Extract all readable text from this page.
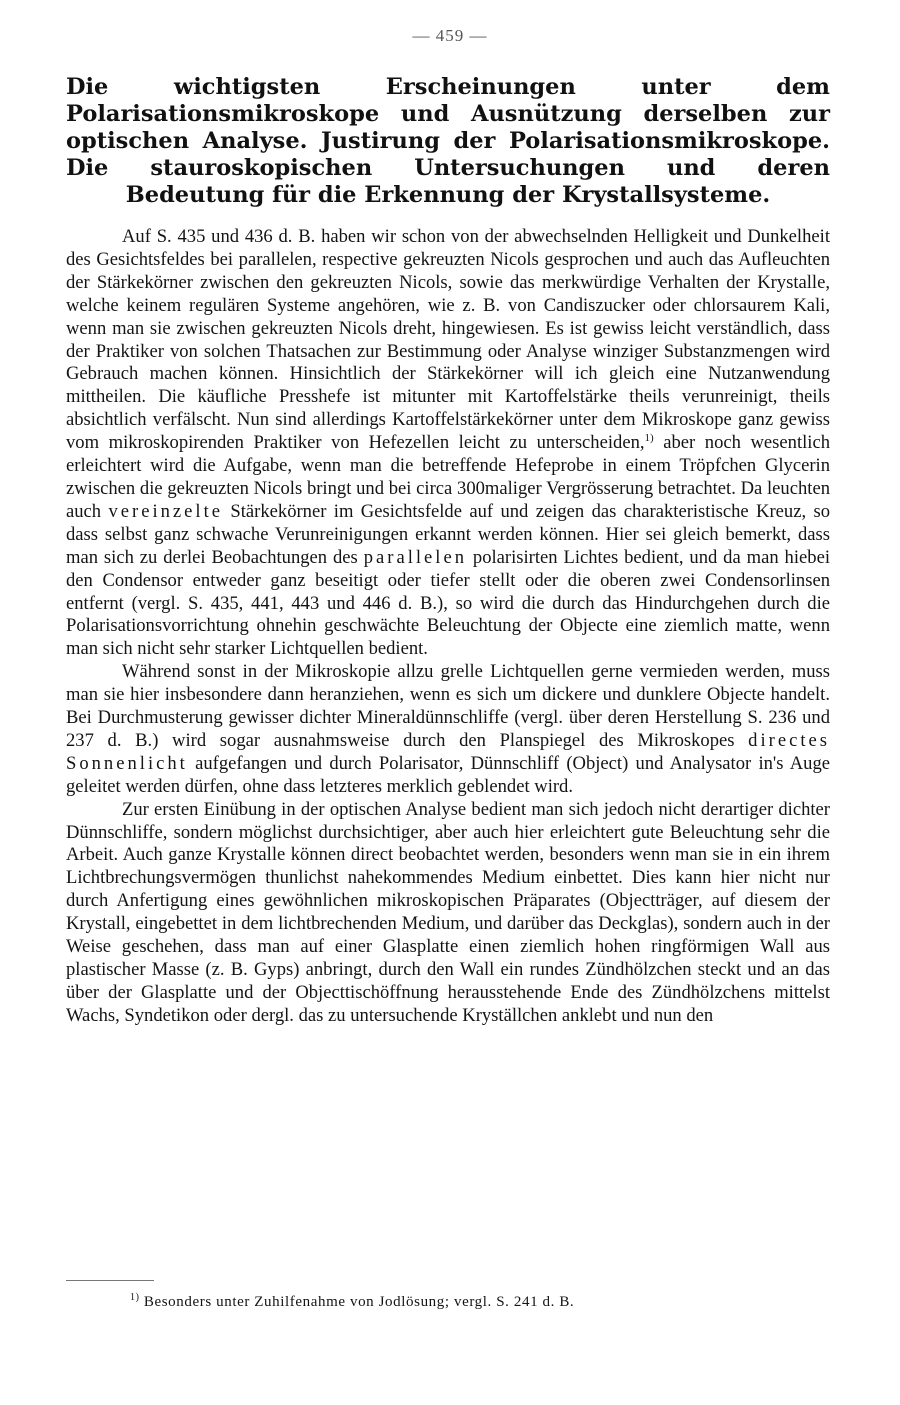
— 459 —
Die wichtigsten Erscheinungen unter dem Polarisationsmikroskope und Ausnützung derselben zur optischen Analyse. Justirung der Polarisationsmikroskope. Die stauroskopischen Untersuchungen und deren Bedeutung für die Erkennung der Krystallsysteme.

Auf S. 435 und 436 d. B. haben wir schon von der abwechselnden Helligkeit und Dunkelheit des Gesichtsfeldes bei parallelen, respective gekreuzten Nicols gesprochen und auch das Aufleuchten der Stärkekörner zwischen den gekreuzten Nicols, sowie das merkwürdige Verhalten der Krystalle, welche keinem regulären Systeme angehören, wie z. B. von Candiszucker oder chlorsaurem Kali, wenn man sie zwischen gekreuzten Nicols dreht, hingewiesen. Es ist gewiss leicht verständlich, dass der Praktiker von solchen Thatsachen zur Bestimmung oder Analyse winziger Substanzmengen wird Gebrauch machen können. Hinsichtlich der Stärkekörner will ich gleich eine Nutzanwendung mittheilen. Die käufliche Presshefe ist mitunter mit Kartoffelstärke theils verunreinigt, theils absichtlich verfälscht. Nun sind allerdings Kartoffelstärkekörner unter dem Mikroskope ganz gewiss vom mikroskopirenden Praktiker von Hefezellen leicht zu unterscheiden,$^{1)}$ aber noch wesentlich erleichtert wird die Aufgabe, wenn man die betreffende Hefeprobe in einem Tröpfchen Glycerin zwischen die gekreuzten Nicols bringt und bei circa 300maliger Vergrösserung betrachtet. Da leuchten auch vereinzelte Stärkekörner im Gesichtsfelde auf und zeigen das charakteristische Kreuz, so dass selbst ganz schwache Verunreinigungen erkannt werden können. Hier sei gleich bemerkt, dass man sich zu derlei Beobachtungen des parallelen polarisirten Lichtes bedient, und da man hiebei den Condensor entweder ganz beseitigt oder tiefer stellt oder die oberen zwei Condensorlinsen entfernt (vergl. S. 435, 441, 443 und 446 d. B.), so wird die durch das Hindurchgehen durch die Polarisationsvorrichtung ohnehin geschwächte Beleuchtung der Objecte eine ziemlich matte, wenn man sich nicht sehr starker Lichtquellen bedient.

Während sonst in der Mikroskopie allzu grelle Lichtquellen gerne vermieden werden, muss man sie hier insbesondere dann heranziehen, wenn es sich um dickere und dunklere Objecte handelt. Bei Durchmusterung gewisser dichter Mineraldünnschliffe (vergl. über deren Herstellung S. 236 und 237 d. B.) wird sogar ausnahmsweise durch den Planspiegel des Mikroskopes directes Sonnenlicht aufgefangen und durch Polarisator, Dünnschliff (Object) und Analysator in's Auge geleitet werden dürfen, ohne dass letzteres merklich geblendet wird.

Zur ersten Einübung in der optischen Analyse bedient man sich jedoch nicht derartiger dichter Dünnschliffe, sondern möglichst durchsichtiger, aber auch hier erleichtert gute Beleuchtung sehr die Arbeit. Auch ganze Krystalle können direct beobachtet werden, besonders wenn man sie in ein ihrem Lichtbrechungsvermögen thunlichst nahekommendes Medium einbettet. Dies kann hier nicht nur durch Anfertigung eines gewöhnlichen mikroskopischen Präparates (Objectträger, auf diesem der Krystall, eingebettet in dem lichtbrechenden Medium, und darüber das Deckglas), sondern auch in der Weise geschehen, dass man auf einer Glasplatte einen ziemlich hohen ringförmigen Wall aus plastischer Masse (z. B. Gyps) anbringt, durch den Wall ein rundes Zündhölzchen steckt und an das über der Glasplatte und der Objecttischöffnung herausstehende Ende des Zündhölzchens mittelst Wachs, Syndetikon oder dergl. das zu untersuchende Kryställchen anklebt und nun den

$^{1)}$ Besonders unter Zuhilfenahme von Jodlösung; vergl. S. 241 d. B.
